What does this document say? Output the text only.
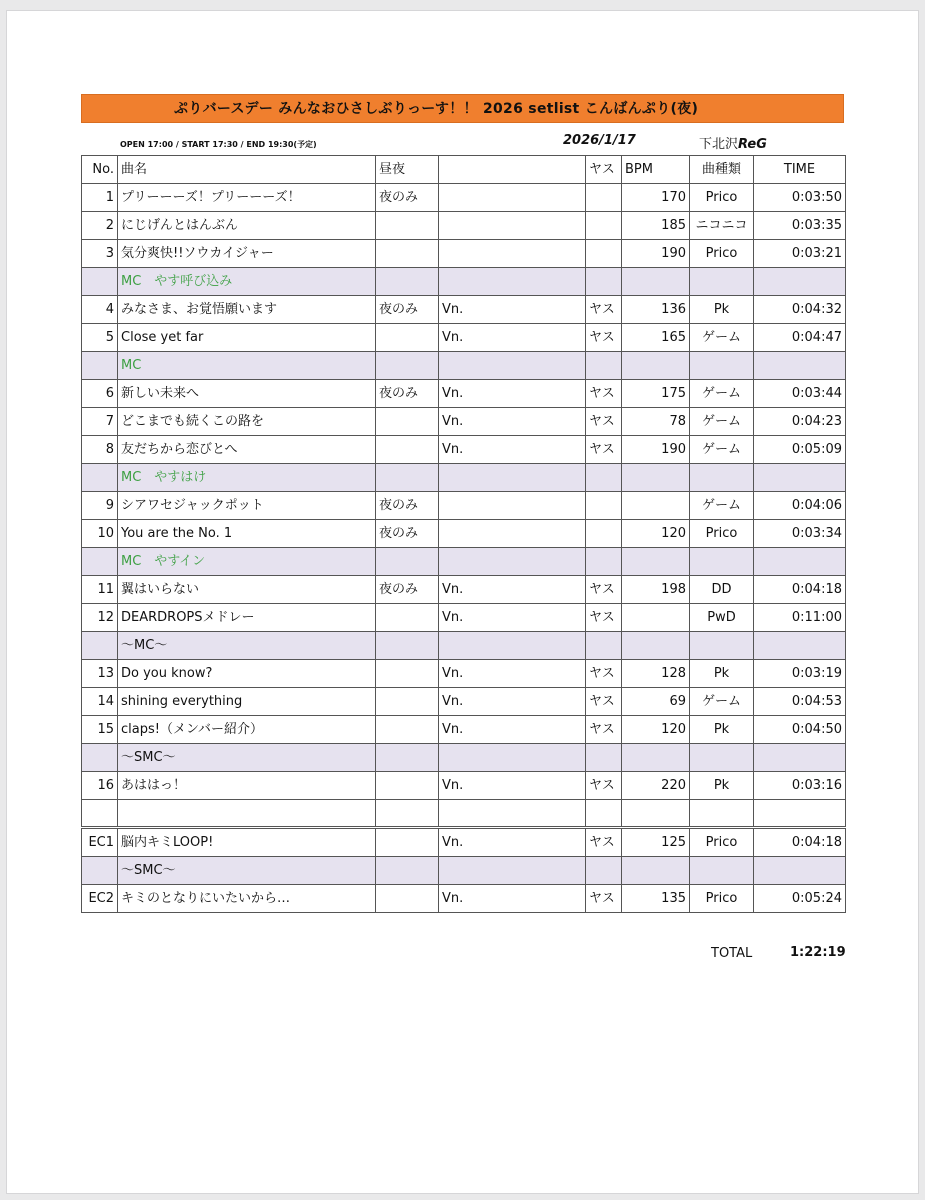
ぷりバースデー みんなおひさしぶりっーす！！ 2026 setlist こんばんぷり(夜)
OPEN 17:00 / START 17:30 / END 19:30(予定)	2026/1/17	下北沢ReG
No.	曲名	昼夜		ヤス	BPM	曲種類	TIME
1	プリーーーズ！プリーーーズ！	夜のみ			170	Prico	0:03:50
2	にじげんとはんぶん				185	ニコニコ	0:03:35
3	気分爽快!!ソウカイジャー				190	Prico	0:03:21
	MC　やす呼び込み						
4	みなさま、お覚悟願います	夜のみ	Vn.	ヤス	136	Pk	0:04:32
5	Close yet far		Vn.	ヤス	165	ゲーム	0:04:47
	MC						
6	新しい未来へ	夜のみ	Vn.	ヤス	175	ゲーム	0:03:44
7	どこまでも続くこの路を		Vn.	ヤス	78	ゲーム	0:04:23
8	友だちから恋びとへ		Vn.	ヤス	190	ゲーム	0:05:09
	MC　やすはけ						
9	シアワセジャックポット	夜のみ				ゲーム	0:04:06
10	You are the No. 1	夜のみ			120	Prico	0:03:34
	MC　やすイン						
11	翼はいらない	夜のみ	Vn.	ヤス	198	DD	0:04:18
12	DEARDROPSメドレー		Vn.	ヤス		PwD	0:11:00
	〜MC〜						
13	Do you know?		Vn.	ヤス	128	Pk	0:03:19
14	shining everything		Vn.	ヤス	69	ゲーム	0:04:53
15	claps!（メンバー紹介）		Vn.	ヤス	120	Pk	0:04:50
	〜SMC〜						
16	あははっ！		Vn.	ヤス	220	Pk	0:03:16

EC1	脳内キミLOOP!		Vn.	ヤス	125	Prico	0:04:18
	〜SMC〜						
EC2	キミのとなりにいたいから…		Vn.	ヤス	135	Prico	0:05:24
TOTAL	1:22:19
